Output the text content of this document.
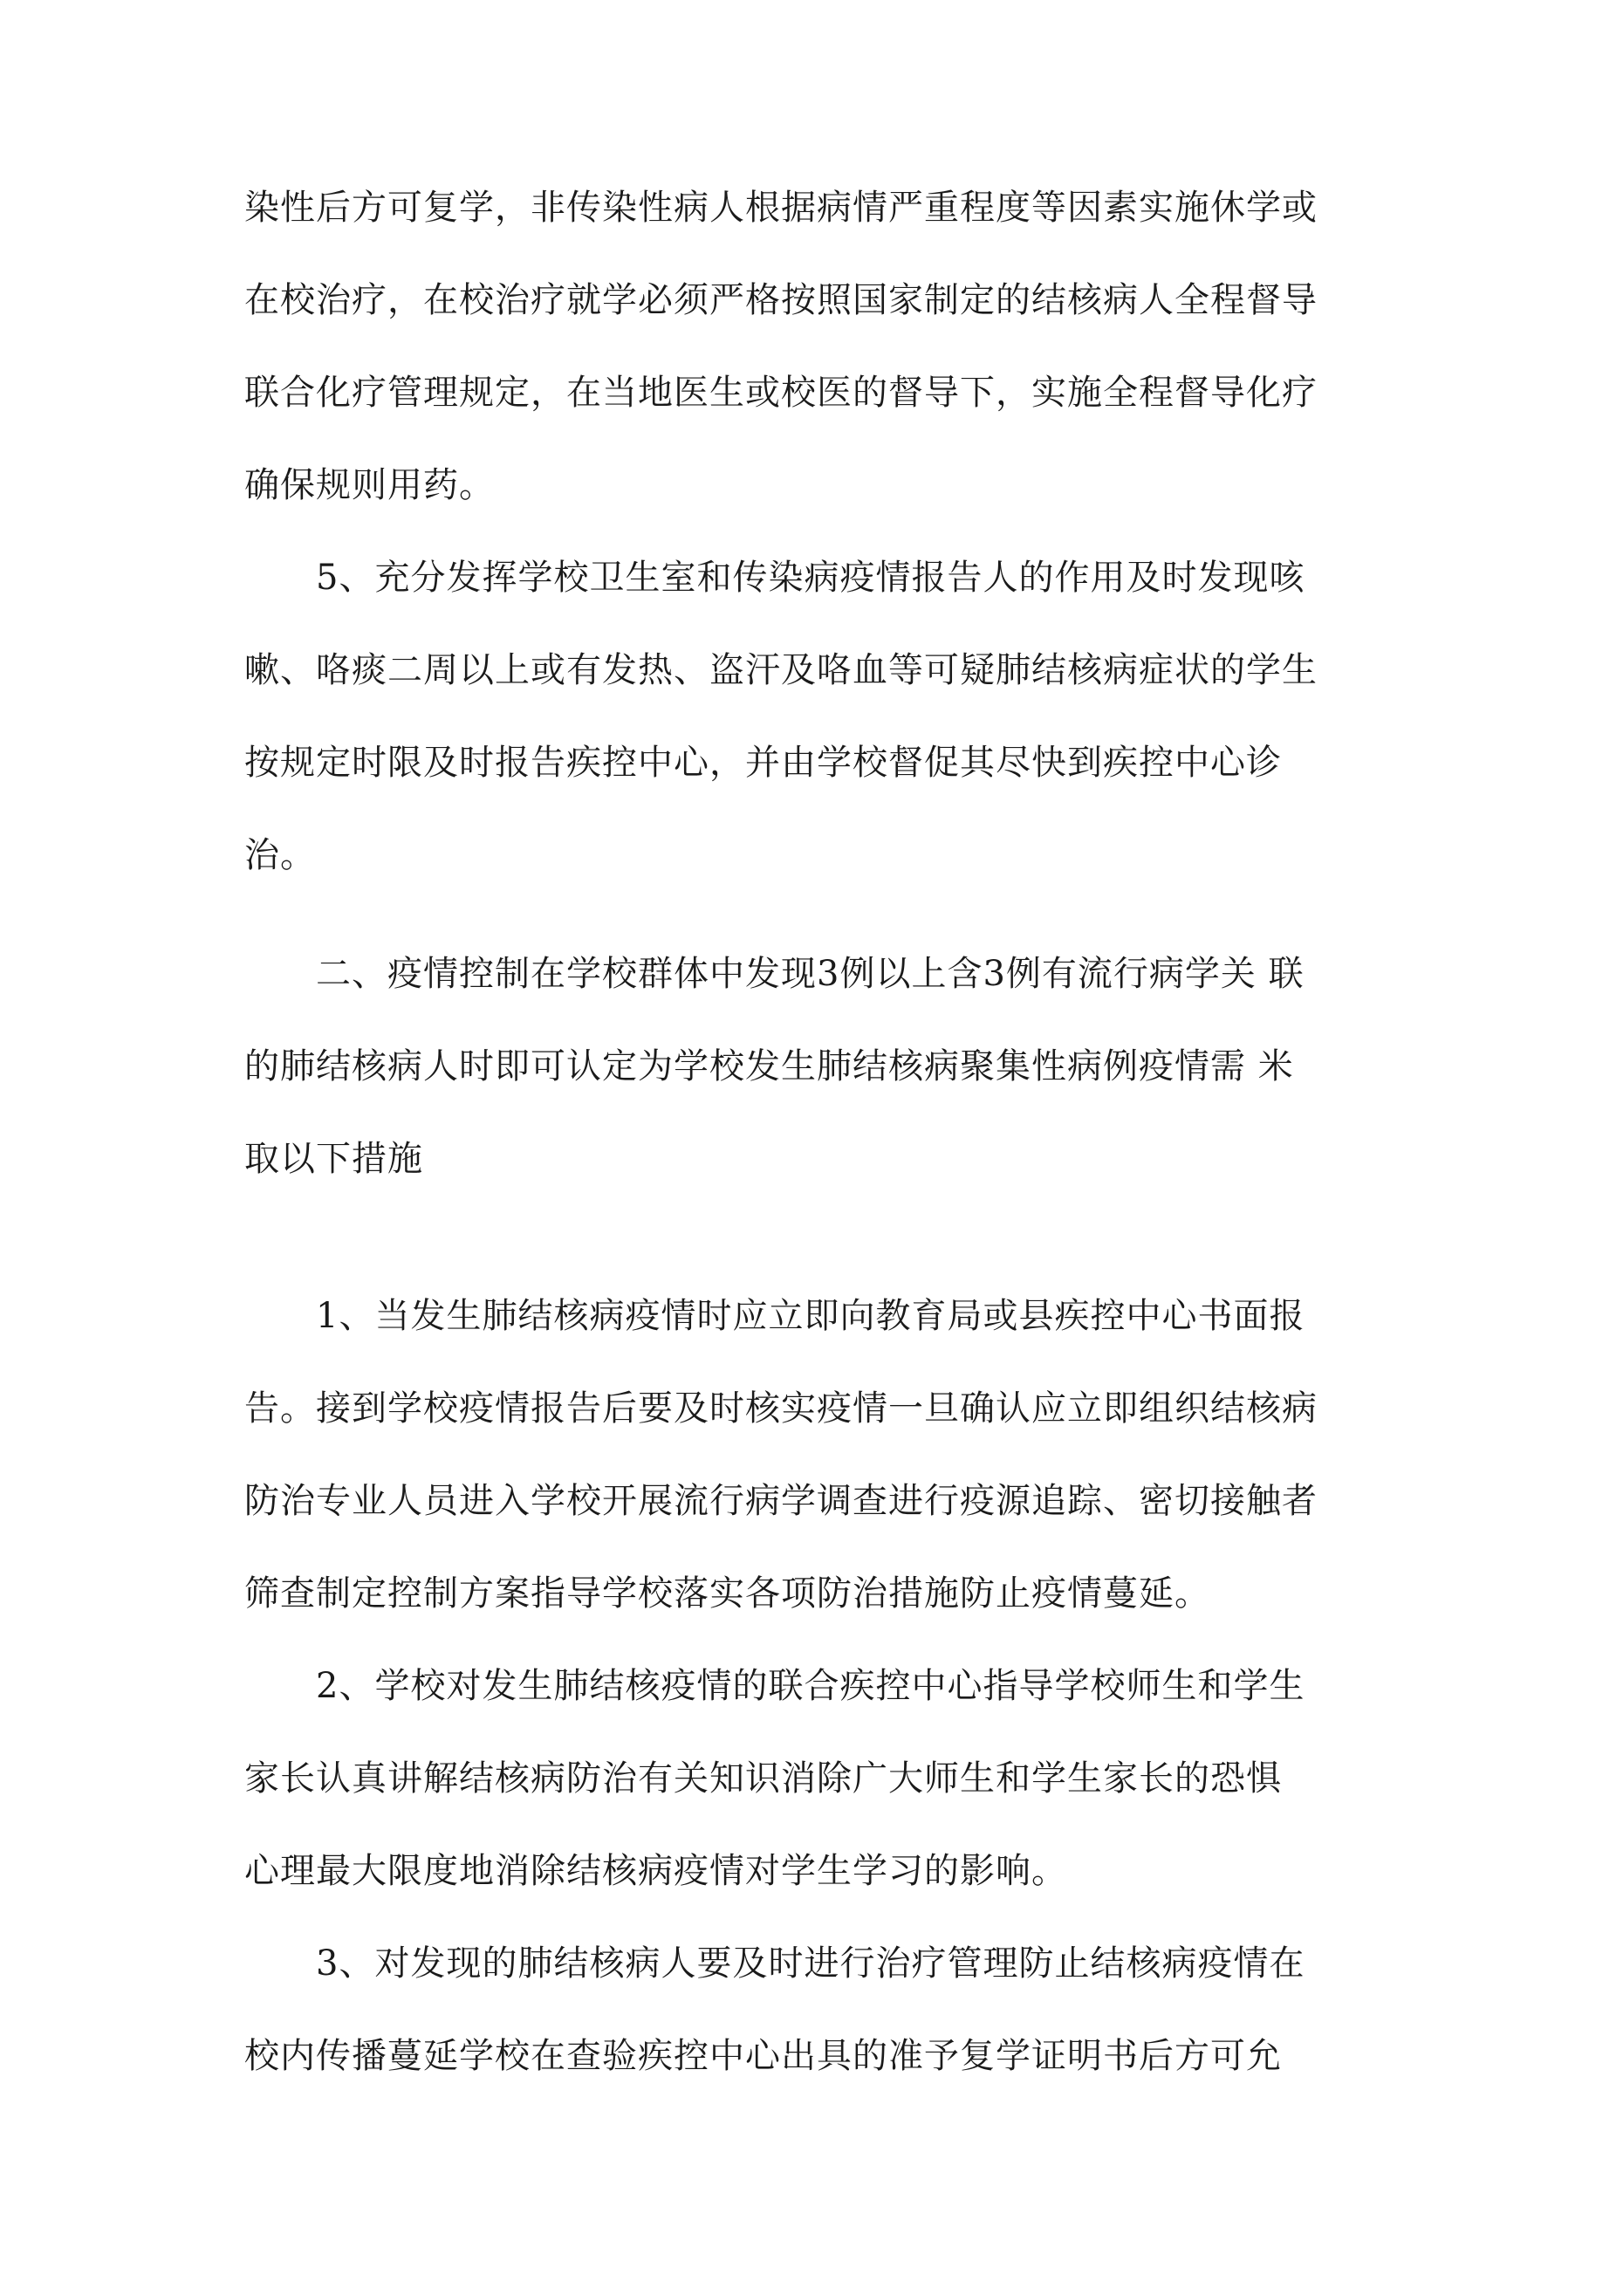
染性后方可复学，非传染性病人根据病情严重程度等因素实施休学或
在校治疗，在校治疗就学必须严格按照国家制定的结核病人全程督导
联合化疗管理规定，在当地医生或校医的督导下，实施全程督导化疗
确保规则用药。
5、充分发挥学校卫生室和传染病疫情报告人的作用及时发现咳
嗽、咯痰二周以上或有发热、盗汗及咯血等可疑肺结核病症状的学生
按规定时限及时报告疾控中心，并由学校督促其尽快到疾控中心诊
治。
二、疫情控制在学校群体中发现3例以上含3例有流行病学关 联
的肺结核病人时即可认定为学校发生肺结核病聚集性病例疫情需 米
取以下措施
1、当发生肺结核病疫情时应立即向教育局或县疾控中心书面报
告。接到学校疫情报告后要及时核实疫情一旦确认应立即组织结核病
防治专业人员进入学校开展流行病学调查进行疫源追踪、密切接触者
筛查制定控制方案指导学校落实各项防治措施防止疫情蔓延。
2、学校对发生肺结核疫情的联合疾控中心指导学校师生和学生
家长认真讲解结核病防治有关知识消除广大师生和学生家长的恐惧
心理最大限度地消除结核病疫情对学生学习的影响。
3、对发现的肺结核病人要及时进行治疗管理防止结核病疫情在
校内传播蔓延学校在查验疾控中心出具的准予复学证明书后方可允
